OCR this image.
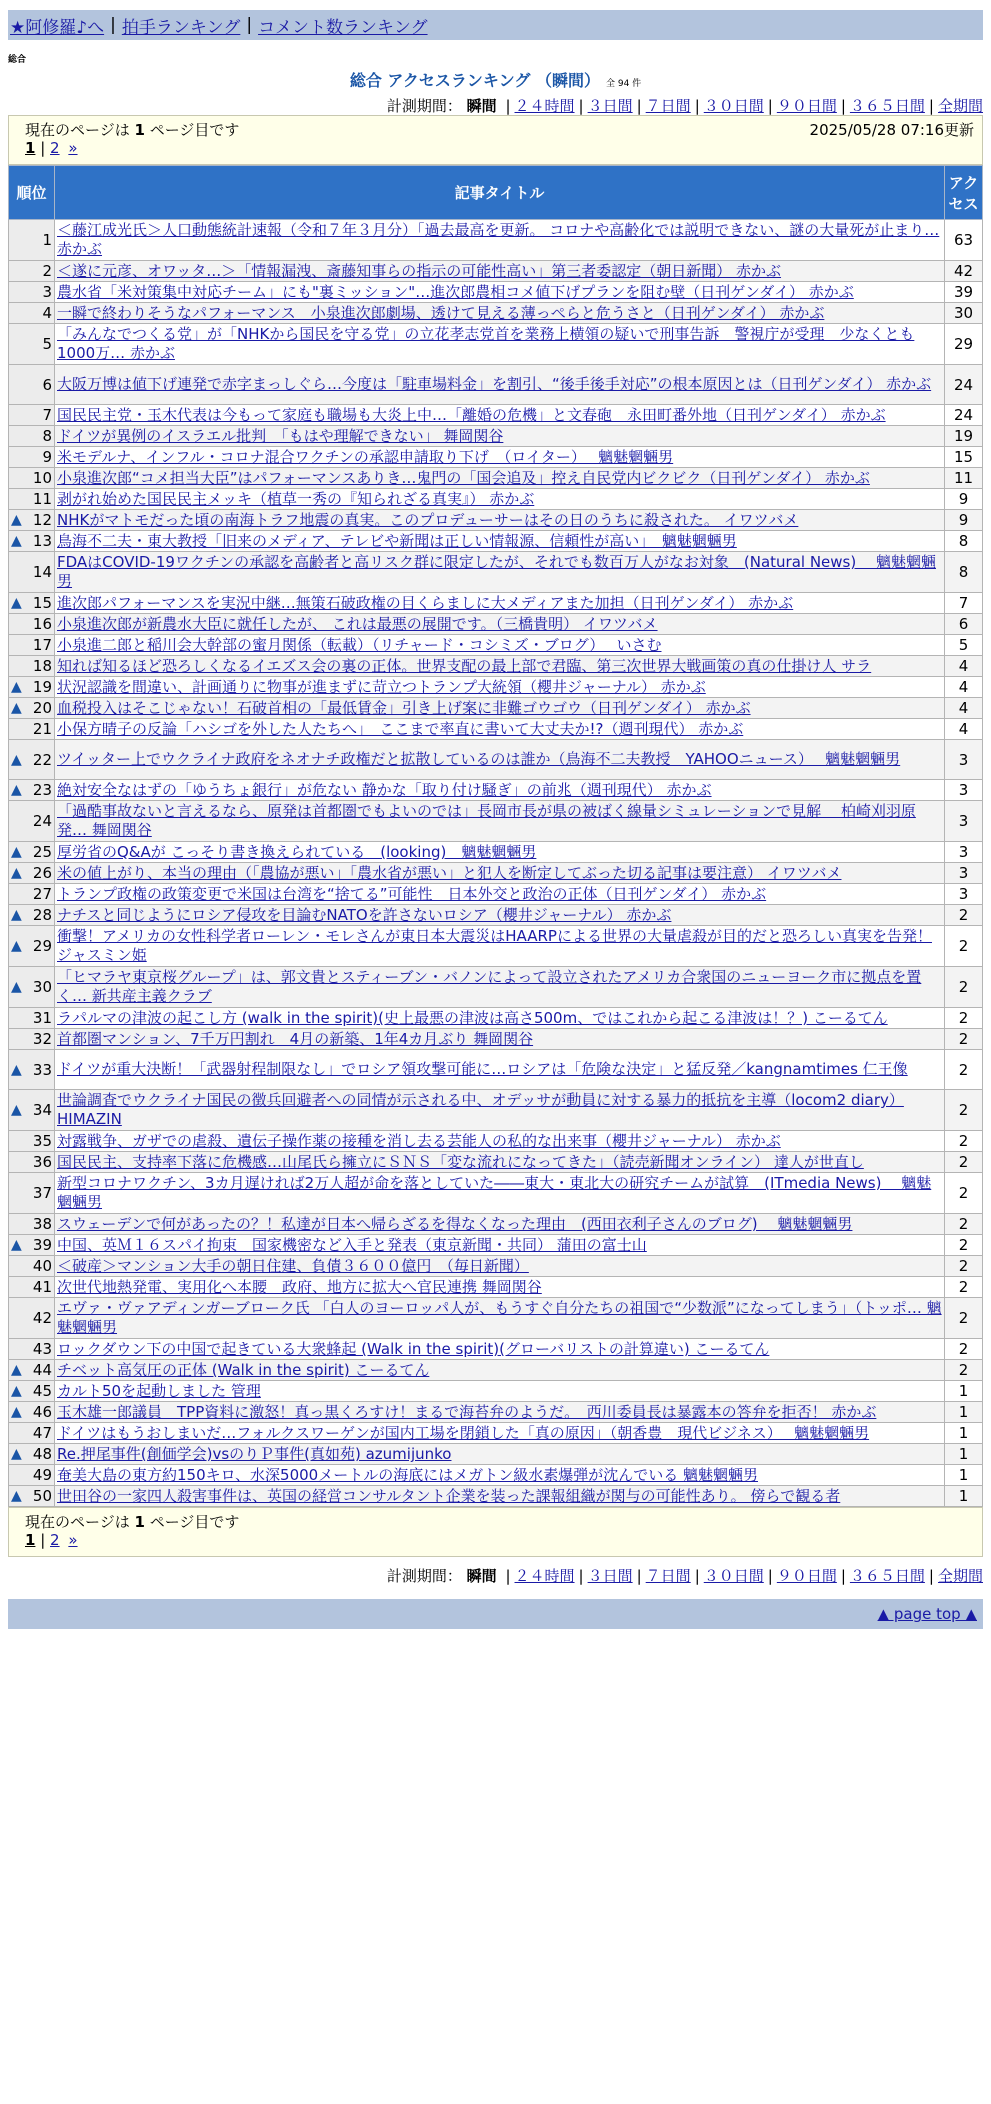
★阿修羅♪へ | 拍手ランキング | コメント数ランキング
総合
総合 アクセスランキング （瞬間） 全 94 件
計測期間： 瞬間 | ２４時間 | ３日間 | ７日間 | ３０日間 | ９０日間 | ３６５日間 | 全期間
現在のページは 1 ページ目です	2025/05/28 07:16更新
1 | 2 »
順位	記事タイトル	アクセス
1	＜藤江成光氏＞人口動態統計速報（令和７年３月分）「過去最高を更新。 コロナや高齢化では説明できない、謎の大量死が止まり… 赤かぶ	63
2	＜遂に元彦、オワッタ…＞「情報漏洩、斎藤知事らの指示の可能性高い」第三者委認定（朝日新聞） 赤かぶ	42
3	農水省「米対策集中対応チーム」にも"裏ミッション"…進次郎農相コメ値下げプランを阻む壁（日刊ゲンダイ） 赤かぶ	39
4	一瞬で終わりそうなパフォーマンス　小泉進次郎劇場、透けて見える薄っぺらと危うさと（日刊ゲンダイ） 赤かぶ	30
5	「みんなでつくる党」が「NHKから国民を守る党」の立花孝志党首を業務上横領の疑いで刑事告訴　警視庁が受理　少なくとも1000万… 赤かぶ	29
6	大阪万博は値下げ連発で赤字まっしぐら…今度は「駐車場料金」を割引、“後手後手対応”の根本原因とは（日刊ゲンダイ） 赤かぶ	24
7	国民民主党・玉木代表は今もって家庭も職場も大炎上中…「離婚の危機」と文春砲　永田町番外地（日刊ゲンダイ） 赤かぶ	24
8	ドイツが異例のイスラエル批判　「もはや理解できない」 舞岡関谷	19
9	米モデルナ、インフル・コロナ混合ワクチンの承認申請取り下げ　（ロイター）　 魑魅魍魎男	15
10	小泉進次郎“コメ担当大臣”はパフォーマンスありき…鬼門の「国会追及」控え自民党内ビクビク（日刊ゲンダイ） 赤かぶ	11
11	剥がれ始めた国民民主メッキ（植草一秀の『知られざる真実』） 赤かぶ	9

▲ 12	NHKがマトモだった頃の南海トラフ地震の真実。このプロデューサーはその日のうちに殺された。 イワツバメ	9

▲ 13	鳥海不二夫・東大教授「旧来のメディア、テレビや新聞は正しい情報源、信頼性が高い」　魑魅魍魎男	8
14	FDAはCOVID-19ワクチンの承認を高齢者と高リスク群に限定したが、それでも数百万人がなお対象　(Natural News)　 魑魅魍魎男	8

▲ 15	進次郎パフォーマンスを実況中継…無策石破政権の目くらましに大メディアまた加担（日刊ゲンダイ） 赤かぶ	7
16	小泉進次郎が新農水大臣に就任したが、 これは最悪の展開です。（三橋貴明） イワツバメ	6
17	小泉進二郎と稲川会大幹部の蜜月関係（転載）（リチャード・コシミズ・ブログ）　 いさむ	5
18	知れば知るほど恐ろしくなるイエズス会の裏の正体。世界支配の最上部で君臨、第三次世界大戦画策の真の仕掛け人 サラ	4

▲ 19	状況認識を間違い、計画通りに物事が進まずに苛立つトランプ大統領（櫻井ジャーナル） 赤かぶ	4

▲ 20	血税投入はそこじゃない！石破首相の「最低賃金」引き上げ案に非難ゴウゴウ（日刊ゲンダイ） 赤かぶ	4
21	小保方晴子の反論「ハシゴを外した人たちへ」　ここまで率直に書いて大丈夫か!?（週刊現代） 赤かぶ	4

▲ 22	ツイッター上でウクライナ政府をネオナチ政権だと拡散しているのは誰か（鳥海不二夫教授　YAHOOニュース）　 魑魅魍魎男	3

▲ 23	絶対安全なはずの「ゆうちょ銀行」が危ない 静かな「取り付け騒ぎ」の前兆（週刊現代） 赤かぶ	3
24	「過酷事故ないと言えるなら、原発は首都圏でもよいのでは」長岡市長が県の被ばく線量シミュレーションで見解　 柏崎刈羽原発… 舞岡関谷	3

▲ 25	厚労省のQ&Aが こっそり書き換えられている　(looking)　魑魅魍魎男	3

▲ 26	米の値上がり、本当の理由（「農協が悪い」「農水省が悪い」と犯人を断定してぶった切る記事は要注意） イワツバメ	3
27	トランプ政権の政策変更で米国は台湾を“捨てる”可能性　日本外交と政治の正体（日刊ゲンダイ） 赤かぶ	3

▲ 28	ナチスと同じようにロシア侵攻を目論むNATOを許さないロシア（櫻井ジャーナル） 赤かぶ	2

▲ 29	衝撃！アメリカの女性科学者ローレン・モレさんが東日本大震災はHAARPによる世界の大量虐殺が目的だと恐ろしい真実を告発！ ジャスミン姫	2

▲ 30	「ヒマラヤ東京桜グループ」は、郭文貴とスティーブン・バノンによって設立されたアメリカ合衆国のニューヨーク市に拠点を置く… 新共産主義クラブ	2
31	ラパルマの津波の起こし方 (walk in the spirit)(史上最悪の津波は高さ500m、ではこれから起こる津波は！？) こーるてん	2
32	首都圏マンション、7千万円割れ　4月の新築、1年4カ月ぶり 舞岡関谷	2

▲ 33	ドイツが重大決断！「武器射程制限なし」でロシア領攻撃可能に…ロシアは「危険な決定」と猛反発／kangnamtimes 仁王像	2

▲ 34	世論調査でウクライナ国民の徴兵回避者への同情が示される中、オデッサが動員に対する暴力的抵抗を主導（locom2 diary） HIMAZIN	2
35	対露戦争、ガザでの虐殺、遺伝子操作薬の接種を消し去る芸能人の私的な出来事（櫻井ジャーナル） 赤かぶ	2
36	国民民主、支持率下落に危機感…山尾氏ら擁立にＳＮＳ「変な流れになってきた」（読売新聞オンライン） 達人が世直し	2
37	新型コロナワクチン、3カ月遅ければ2万人超が命を落としていた――東大・東北大の研究チームが試算　(ITmedia News)　 魑魅魍魎男	2
38	スウェーデンで何があったの？！私達が日本へ帰らざるを得なくなった理由　(西田衣利子さんのブログ)　 魑魅魍魎男	2

▲ 39	中国、英Ｍ１６スパイ拘束　国家機密など入手と発表（東京新聞・共同） 蒲田の富士山	2
40	＜破産＞マンション大手の朝日住建、負債３６００億円　（毎日新聞）	2
41	次世代地熱発電、実用化へ本腰　政府、地方に拡大へ官民連携 舞岡関谷	2
42	エヴァ・ヴァアディンガーブローク氏 「白人のヨーロッパ人が、もうすぐ自分たちの祖国で“少数派”になってしまう」（トッポ… 魑魅魍魎男	2
43	ロックダウン下の中国で起きている大衆蜂起 (Walk in the spirit)(グローバリストの計算違い) こーるてん	2

▲ 44	チベット高気圧の正体 (Walk in the spirit) こーるてん	2

▲ 45	カルト50を起動しました 管理	1

▲ 46	玉木雄一郎議員　TPP資料に激怒！真っ黒くろすけ！まるで海苔弁のようだ。　西川委員長は暴露本の答弁を拒否！ 赤かぶ	1
47	ドイツはもうおしまいだ…フォルクスワーゲンが国内工場を閉鎖した「真の原因」（朝香豊　現代ビジネス）　 魑魅魍魎男	1

▲ 48	Re.押尾事件(創価学会)vsのりＰ事件(真如苑) azumijunko	1
49	奄美大島の東方約150キロ、水深5000メートルの海底にはメガトン級水素爆弾が沈んでいる 魑魅魍魎男	1

▲ 50	世田谷の一家四人殺害事件は、英国の経営コンサルタント企業を装った課報組織が関与の可能性あり。 傍らで観る者	1
現在のページは 1 ページ目です
1 | 2 »
計測期間： 瞬間 | ２４時間 | ３日間 | ７日間 | ３０日間 | ９０日間 | ３６５日間 | 全期間
▲ page top ▲
